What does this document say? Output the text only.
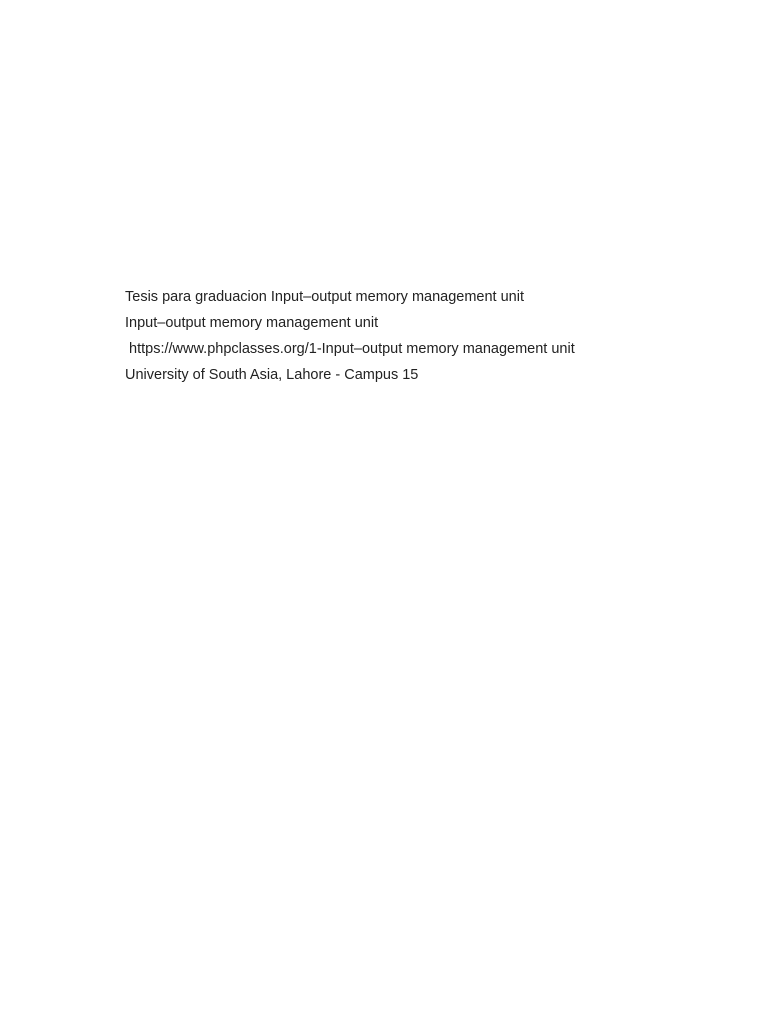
Tesis para graduacion Input–output memory management unit

Input–output memory management unit

https://www.phpclasses.org/1-Input–output memory management unit

University of South Asia, Lahore - Campus 15
